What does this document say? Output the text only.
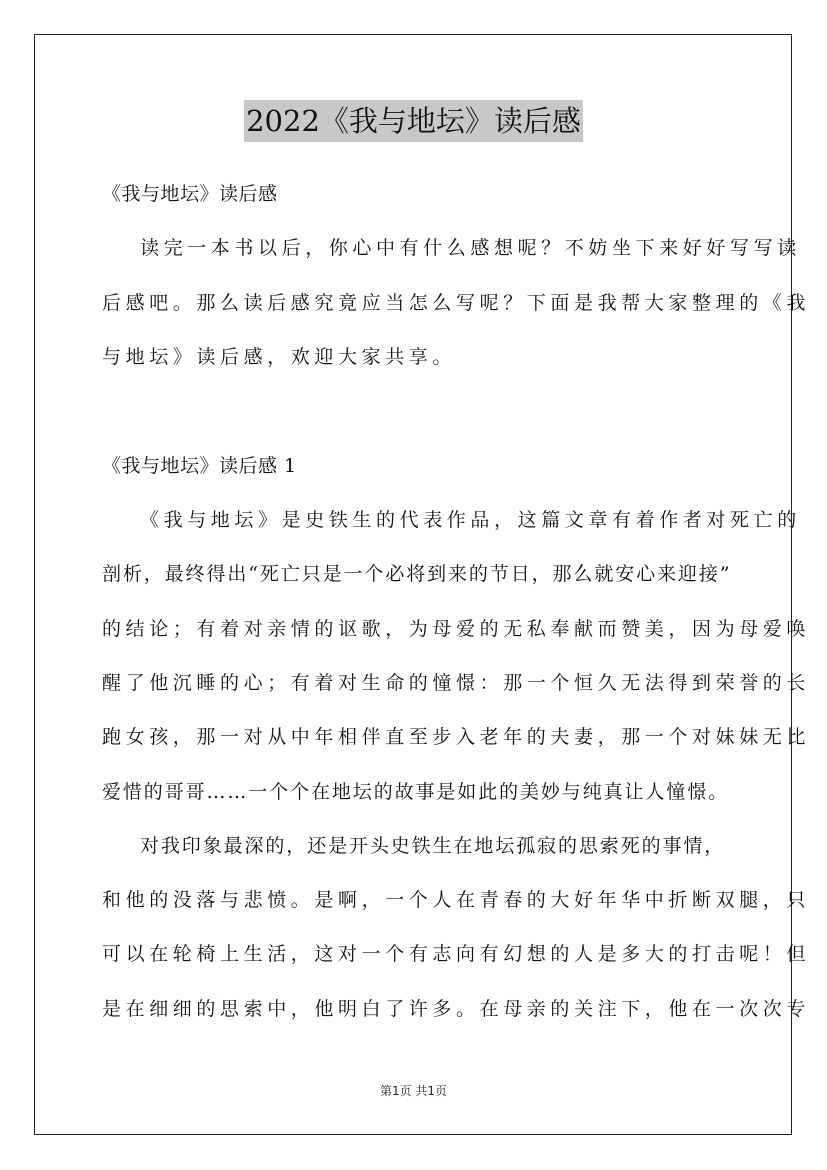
2022《我与地坛》读后感
《我与地坛》读后感
读完一本书以后，你心中有什么感想呢？不妨坐下来好好写写读
后感吧。那么读后感究竟应当怎么写呢？下面是我帮大家整理的《我
与地坛》读后感，欢迎大家共享。
《我与地坛》读后感 1
《我与地坛》是史铁生的代表作品，这篇文章有着作者对死亡的
剖析，最终得出“死亡只是一个必将到来的节日，那么就安心来迎接”
的结论；有着对亲情的讴歌，为母爱的无私奉献而赞美，因为母爱唤
醒了他沉睡的心；有着对生命的憧憬：那一个恒久无法得到荣誉的长
跑女孩，那一对从中年相伴直至步入老年的夫妻，那一个对妹妹无比
爱惜的哥哥……一个个在地坛的故事是如此的美妙与纯真让人憧憬。
对我印象最深的，还是开头史铁生在地坛孤寂的思索死的事情，
和他的没落与悲愤。是啊，一个人在青春的大好年华中折断双腿，只
可以在轮椅上生活，这对一个有志向有幻想的人是多大的打击呢！但
是在细细的思索中，他明白了许多。在母亲的关注下，他在一次次专
第1页 共1页
